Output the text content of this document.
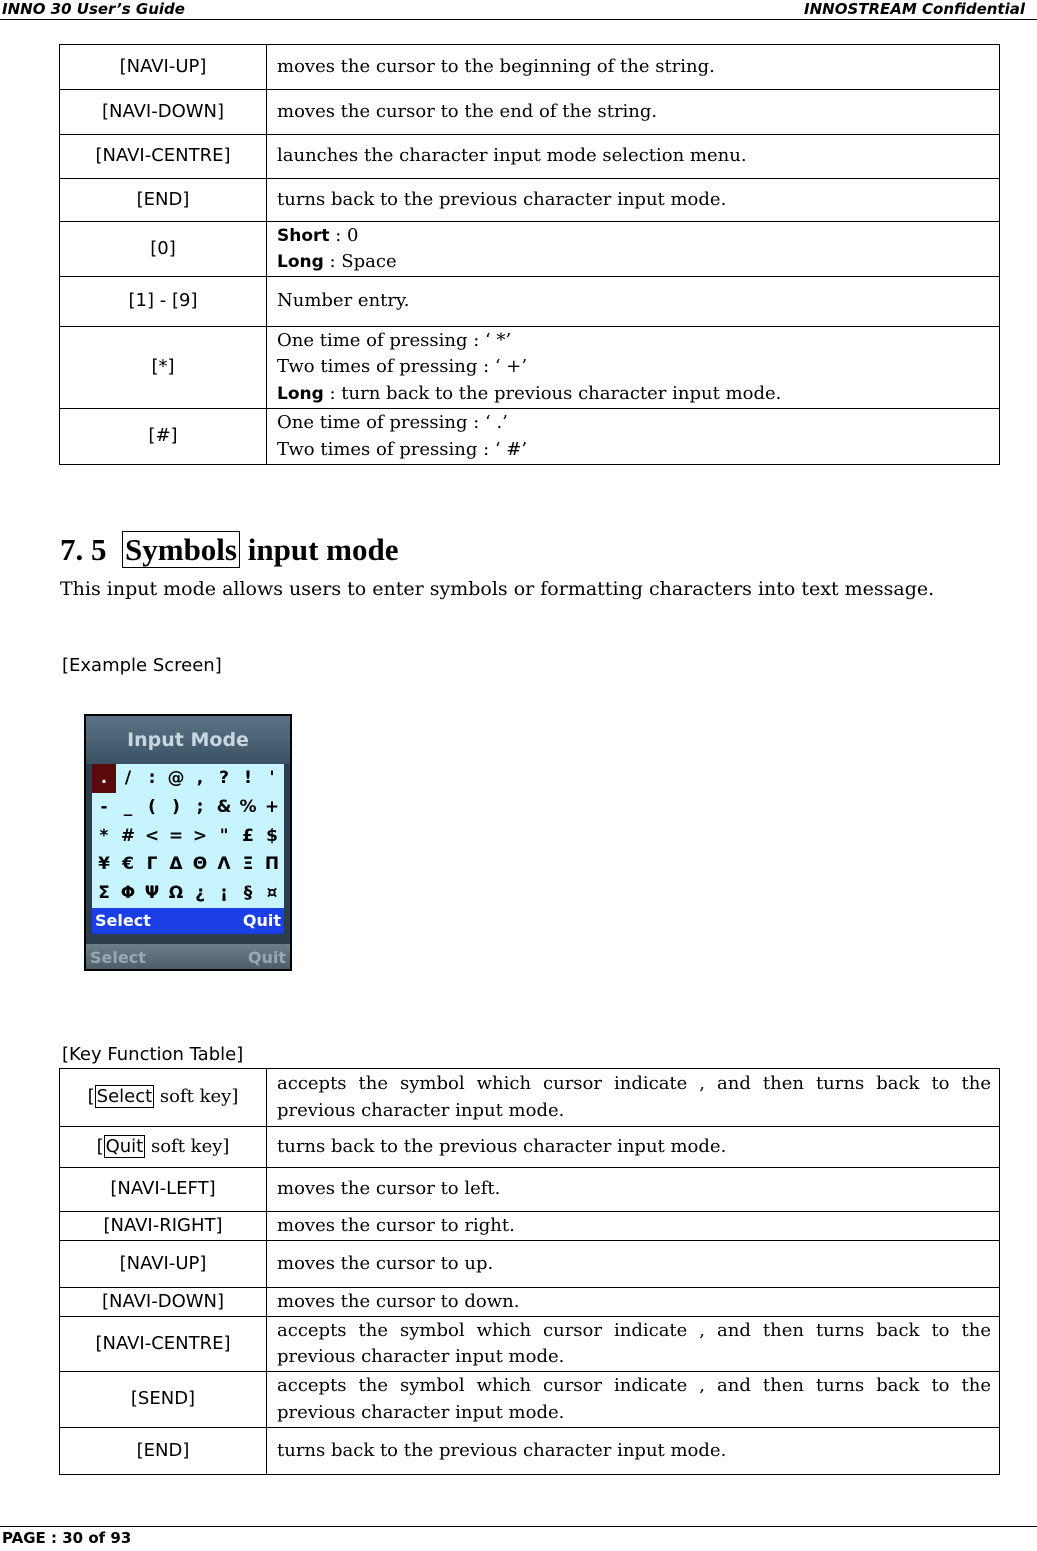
INNO 30 User’s Guide	INNOSTREAM Confidential
[NAVI-UP]	moves the cursor to the beginning of the string.
[NAVI-DOWN]	moves the cursor to the end of the string.
[NAVI-CENTRE]	launches the character input mode selection menu.
[END]	turns back to the previous character input mode.
[0]	Short : 0
Long : Space

[1] - [9]	Number entry.
[*]	One time of pressing : ‘ *’
Two times of pressing : ‘ +’
Long : turn back to the previous character input mode.

[#]	One time of pressing : ‘ .’
Two times of pressing : ‘ #’
7. 5 Symbols input mode
This input mode allows users to enter symbols or formatting characters into text message.
[Example Screen]
Input Mode
.	/	: @ , ? !	'
- _ ( ) ; & % +
* # < = > " £ $
¥ € Γ Δ Θ Λ Ξ Π
Σ Φ Ψ Ω ¿ ¡ § ¤
Select	Quit
Select	Quit
[Key Function Table]
[ Select soft key]	accepts the symbol which cursor indicate , and then turns back to the previous character input mode.
[ Quit soft key]	turns back to the previous character input mode.
[NAVI-LEFT]	moves the cursor to left.
[NAVI-RIGHT]	moves the cursor to right.
[NAVI-UP]	moves the cursor to up.
[NAVI-DOWN]	moves the cursor to down.
[NAVI-CENTRE]	accepts the symbol which cursor indicate , and then turns back to the previous character input mode.
[SEND]	accepts the symbol which cursor indicate , and then turns back to the previous character input mode.
[END]	turns back to the previous character input mode.
PAGE : 30 of 93
